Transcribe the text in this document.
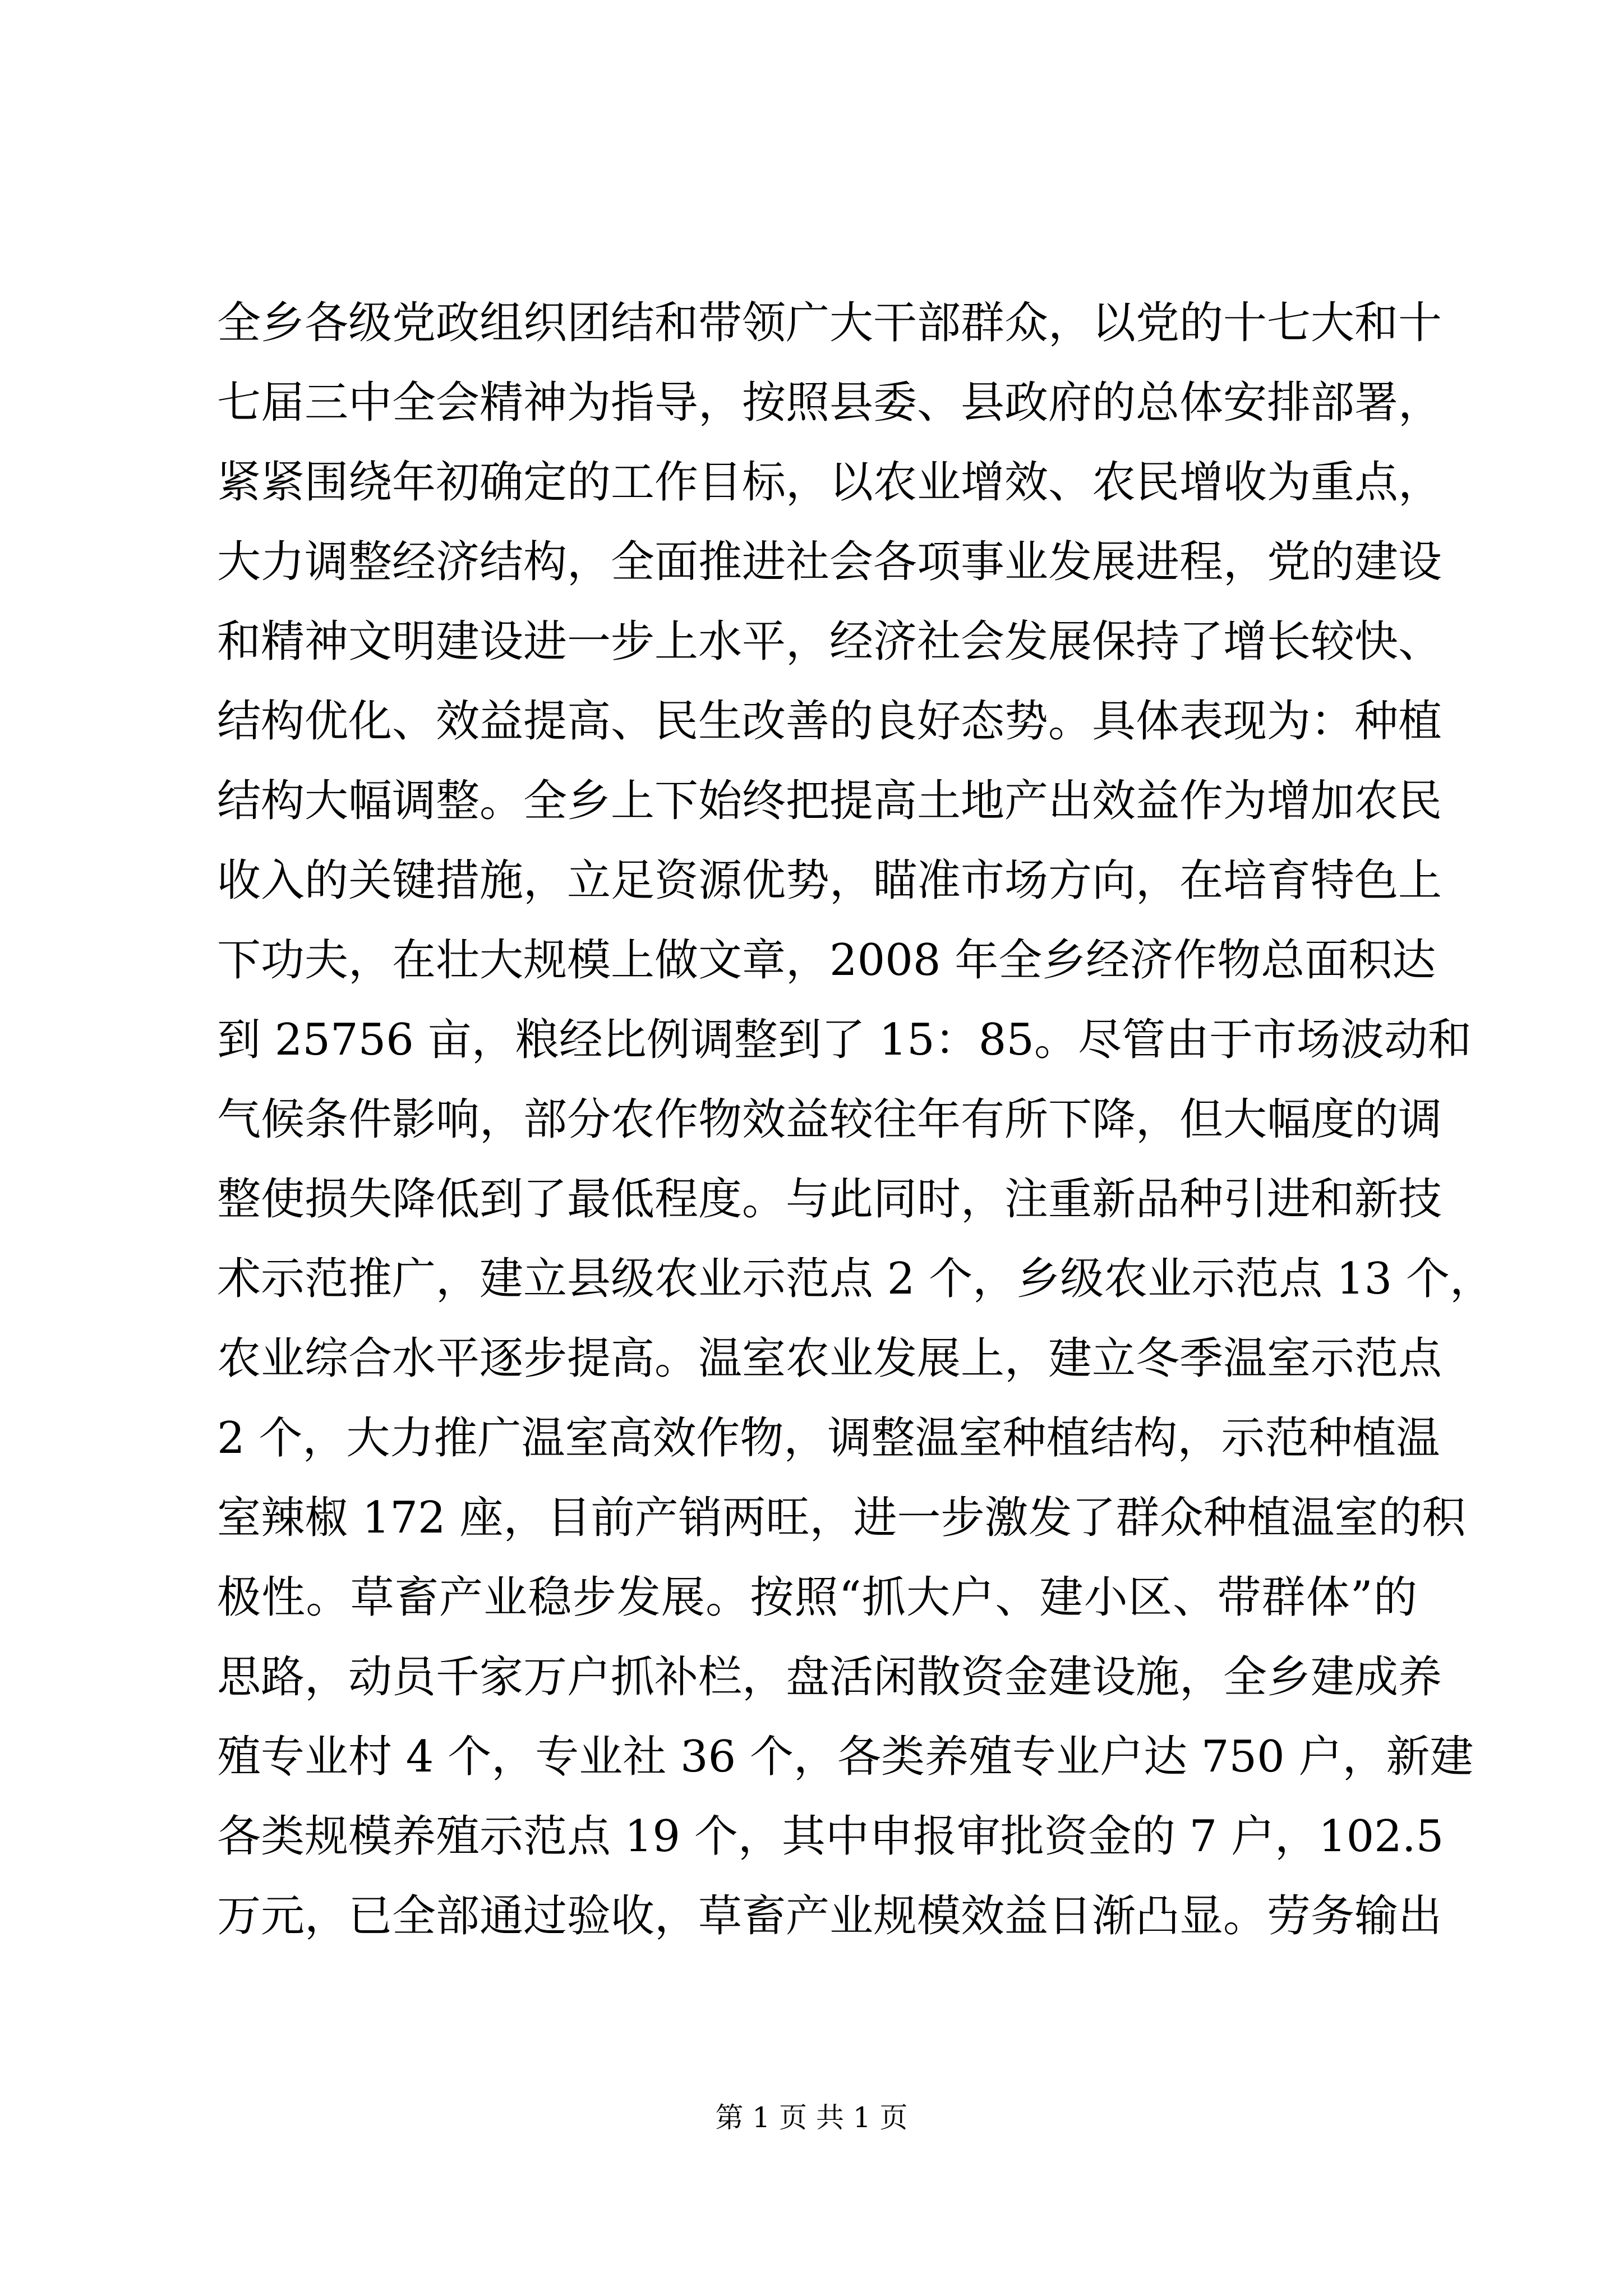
全乡各级党政组织团结和带领广大干部群众，以党的十七大和十
七届三中全会精神为指导，按照县委、县政府的总体安排部署，
紧紧围绕年初确定的工作目标，以农业增效、农民增收为重点，
大力调整经济结构，全面推进社会各项事业发展进程，党的建设
和精神文明建设进一步上水平，经济社会发展保持了增长较快、
结构优化、效益提高、民生改善的良好态势。具体表现为：种植
结构大幅调整。全乡上下始终把提高土地产出效益作为增加农民
收入的关键措施，立足资源优势，瞄准市场方向，在培育特色上
下功夫，在壮大规模上做文章，2008 年全乡经济作物总面积达
到 25756 亩，粮经比例调整到了 15：85。尽管由于市场波动和
气候条件影响，部分农作物效益较往年有所下降，但大幅度的调
整使损失降低到了最低程度。与此同时，注重新品种引进和新技
术示范推广，建立县级农业示范点 2 个，乡级农业示范点 13 个，
农业综合水平逐步提高。温室农业发展上，建立冬季温室示范点
2 个，大力推广温室高效作物，调整温室种植结构，示范种植温
室辣椒 172 座，目前产销两旺，进一步激发了群众种植温室的积
极性。草畜产业稳步发展。按照“抓大户、建小区、带群体”的
思路，动员千家万户抓补栏，盘活闲散资金建设施，全乡建成养
殖专业村 4 个，专业社 36 个，各类养殖专业户达 750 户，新建
各类规模养殖示范点 19 个，其中申报审批资金的 7 户，102.5
万元，已全部通过验收，草畜产业规模效益日渐凸显。劳务输出
第 1 页 共 1 页
